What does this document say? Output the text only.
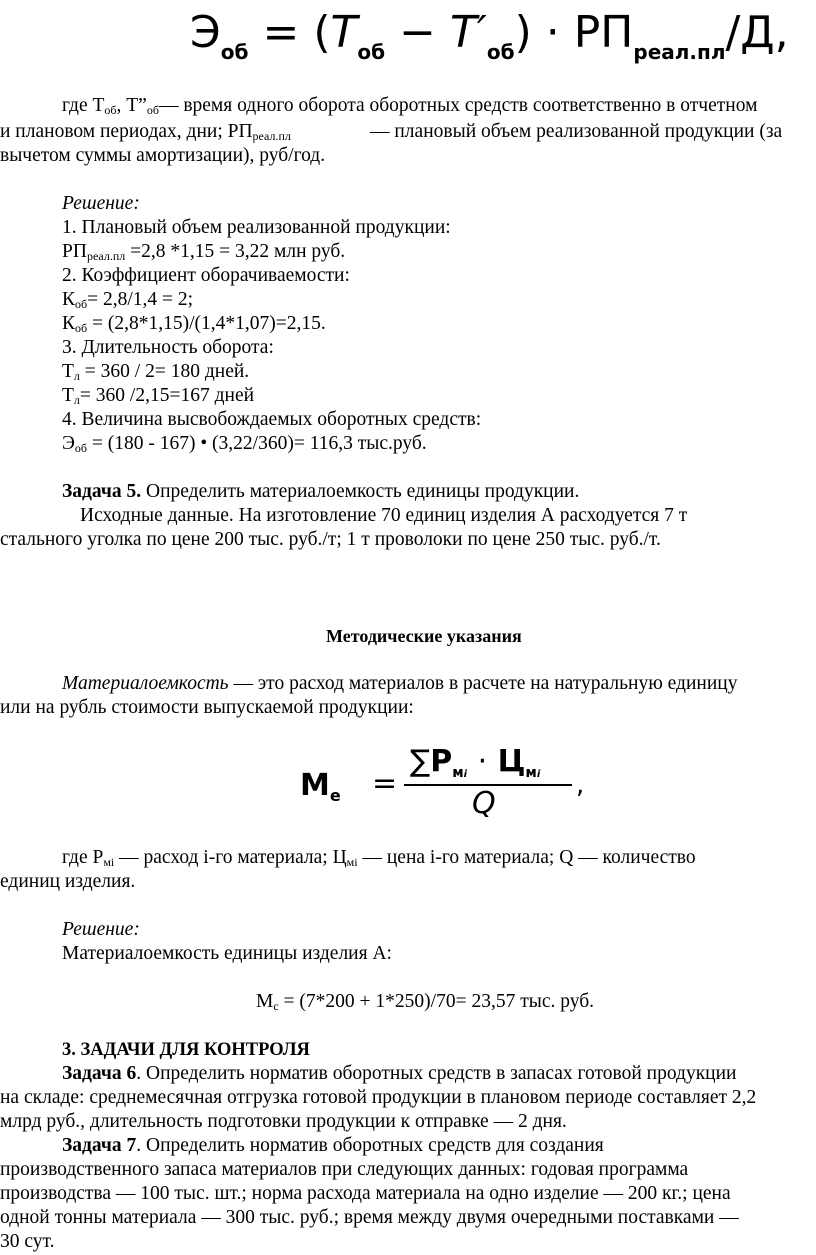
$Э_{об} = (T_{об} - T'_{об}) \cdot РП_{реал.пл}/Д$,
где $Т_{об}$, $Т”_{об}—$ время одного оборота оборотных средств соответственно в отчетном
и плановом периодах, дни; $РП_{реал.пл}$	— плановый объем реализованной продукции (за
вычетом суммы амортизации), руб/год.
Решение:
1. Плановый объем реализованной продукции:
$РП_{реал.пл} =2,8$ *1,15 = 3,22 млн руб.
2. Коэффициент оборачиваемости:
$К_{об}= 2,8/1,4 = 2$;
$К_{об} = (2,8*1,15)/(1,4*1,07)=2,15$.
3. Длительность оборота:
$Т_л = 360 / 2= 180$ дней.
$Т_л= 360$ /2,15=167 дней
4. Величина высвобождаемых оборотных средств:
$Э_{об} = (180 - 167)$ • (3,22/360)= 116,3 тыс.руб.
Задача 5. Определить материалоемкость единицы продукции.
Исходные данные. На изготовление 70 единиц изделия А расходуется 7 т
стального уголка по цене 200 тыс. руб./т; 1 т проволоки по цене 250 тыс. руб./т.
Методические указания
Материалоемкость — это расход материалов в расчете на натуральную единицу
или на рубль стоимости выпускаемой продукции:
$М_е$ =
$\sum Р_{мi} \cdot Ц_{мi}$
Q
,
где $Р_{мi}$ — расход i-го материала; $Ц_{мi}$ — цена i-го материала; Q — количество
единиц изделия.
Решение:
Материалоемкость единицы изделия А:
$М_с = (7*200 + 1*250)/70= 23,57$ тыс. руб.
3. ЗАДАЧИ ДЛЯ КОНТРОЛЯ
Задача 6. Определить норматив оборотных средств в запасах готовой продукции
на складе: среднемесячная отгрузка готовой продукции в плановом периоде составляет 2,2
млрд руб., длительность подготовки продукции к отправке — 2 дня.
Задача 7. Определить норматив оборотных средств для создания
производственного запаса материалов при следующих данных: годовая программа
производства — 100 тыс. шт.; норма расхода материала на одно изделие — 200 кг.; цена
одной тонны материала — 300 тыс. руб.; время между двумя очередными поставками —
30 сут.
